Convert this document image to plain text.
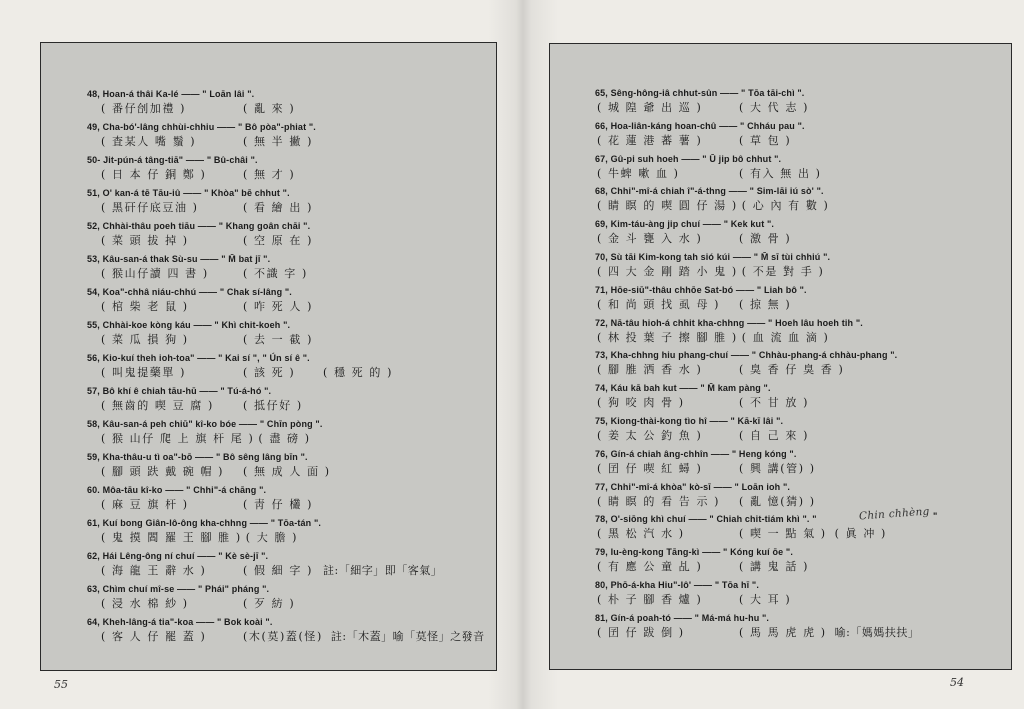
48, Hoan-á thâi Ka-lé —— " Loān lâi ".
( 番仔刣加禮 )	( 亂 來 )
49, Cha-bó'-lâng chhùi-chhiu —— " Bô pòa"-phiat ".
( 査某人 嘴 鬚 )	( 無 半 撇 )
50- Jit-pún-á tâng-tiā" —— " Bû-châi ".
( 日 本 仔 銅 鄭 )	( 無 才 )
51, O' kan-á tē Tāu-iû —— " Khòa" bē chhut ".
( 黑矸仔底豆油 )	( 看 繪 出 )
52, Chhài-thâu poeh tiāu —— " Khang goân chāi ".
( 菜 頭 拔 掉 )	( 空 原 在 )
53, Kâu-san-á thak Sù-su —— " M̄ bat jī ".
( 猴山仔讀 四 書 )	( 不識 字 )
54, Koa"-chhâ niáu-chhú —— " Chak sí-lâng ".
( 棺 柴 老 鼠 )	( 咋 死 人 )
55, Chhài-koe kòng káu —— " Khì chit-koeh ".
( 菜 瓜 損 狗 )	( 去 一 截 )
56, Kio-kuí theh ioh-toa" —— " Kai sí ", " Ún sí ê ".
( 叫鬼提藥單 )	( 該 死 )	( 穩 死 的 )
57, Bô khí ê chiah tāu-hū —— " Tú-á-hó ".
( 無齒的 喫 豆 腐 )	( 抵仔好 )
58, Kâu-san-á peh chiū" kî-ko bóe —— " Chīn pòng ".
( 猴 山仔 爬 上 旗 杆 尾 ) ( 盡 磅 )
59, Kha-thâu-u tì oa"-bō —— " Bô sêng lâng bīn ".
( 腳 頭 趺 戴 碗 帽 ) ( 無 成 人 面 )
60. Môa-tāu kî-ko —— " Chhi"-á chāng ".
( 麻 豆 旗 杆 )	( 靑 仔 欉 )
61, Kuí bong Giân-lô-ông kha-chhng —— " Tōa-tán ".
( 鬼 摸 閻 羅 王 腳 脽 ) ( 大 膽 )
62, Hái Lêng-ông ní chuí —— " Kè sè-jī ".
( 海 龍 王 辭 水 )	( 假 細 字 ) 註:「細字」即「客氣」
63, Chìm chuí mî-se —— " Phái" pháng ".
( 浸 水 棉 紗 )	( 歹 紡 )
64, Kheh-lâng-á tia"-koa —— " Bok koài ".
( 客 人 仔 罷 蓋 )	(木(莫)蓋(怪) 註:「木蓋」喻「莫怪」之發音
Chin chhèng "
65, Sêng-hông-iâ chhut-sûn —— " Tōa tāi-chì ".
( 城 隍 爺 出 巡 )	( 大 代 志 )
66, Hoa-liân-káng hoan-chû —— " Chháu pau ".
( 花 蓮 港 蕃 薯 )	( 草 包 )
67, Gû-pi suh hoeh —— " Ū jip bô chhut ".
( 牛蜱 嗽 血 )	( 有入 無 出 )
68, Chhi"-mî-á chiah î"-á-thng —— " Sim-lāi iú sò' ".
( 睛 瞑 的 喫 圓 仔 湯 ) ( 心 內 有 數 )
69, Kim-táu-àng jip chuí —— " Kek kut ".
( 金 斗 甕 入 水 )	( 激 骨 )
70, Sù tāi Kim-kong tah sió kúi —— " M̄ sī tùi chhiú ".
( 四 大 金 剛 踏 小 鬼 ) ( 不是 對 手 )
71, Hōe-siū"-thâu chhōe Sat-bó —— " Liah bô ".
( 和 尚 頭 找 虱 母 ) ( 掠 無 )
72, Nā-tâu hioh-á chhit kha-chhng —— " Hoeh lâu hoeh tih ".
( 林 投 葉 子 擦 腳 脽 ) ( 血 流 血 滴 )
73, Kha-chhng hiu phang-chuí —— " Chhàu-phang-á chhàu-phang ".
( 腳 脽 洒 香 水 )	( 臭 香 仔 臭 香 )
74, Káu kā bah kut —— " M̄ kam pàng ".
( 狗 咬 肉 骨 )	( 不 甘 放 )
75, Kiong-thài-kong tìo hî —— " Kā-kī lâi ".
( 姜 太 公 釣 魚 )	( 自 己 來 )
76, Gín-á chiah âng-chhîn —— " Heng kóng ".
( 囝 仔 喫 紅 蟳 )	( 興 講(管) )
77, Chhi"-mî-á khòa" kò-sī —— " Loān ioh ".
( 睛 瞑 的 看 告 示 ) ( 亂 憶(猜) )
78, O'-siōng khì chuí —— " Chiah chit-tiám khì ". "
( 黑 松 汽 水 )	( 喫 一 點 氣 ) ( 眞 冲 )
79, Iu-èng-kong Tāng-kì —— " Kóng kuí ōe ".
( 有 應 公 童 乩 )	( 講 鬼 話 )
80, Phō-á-kha Hiu"-lô' —— " Tōa hī ".
( 朴 子 腳 香 爐 )	( 大 耳 )
81, Gín-á poah-tó —— " Má-má hu-hu ".
( 囝 仔 跋 倒 )	( 馬 馬 虎 虎 ) 喻:「媽媽扶扶」
55	54
